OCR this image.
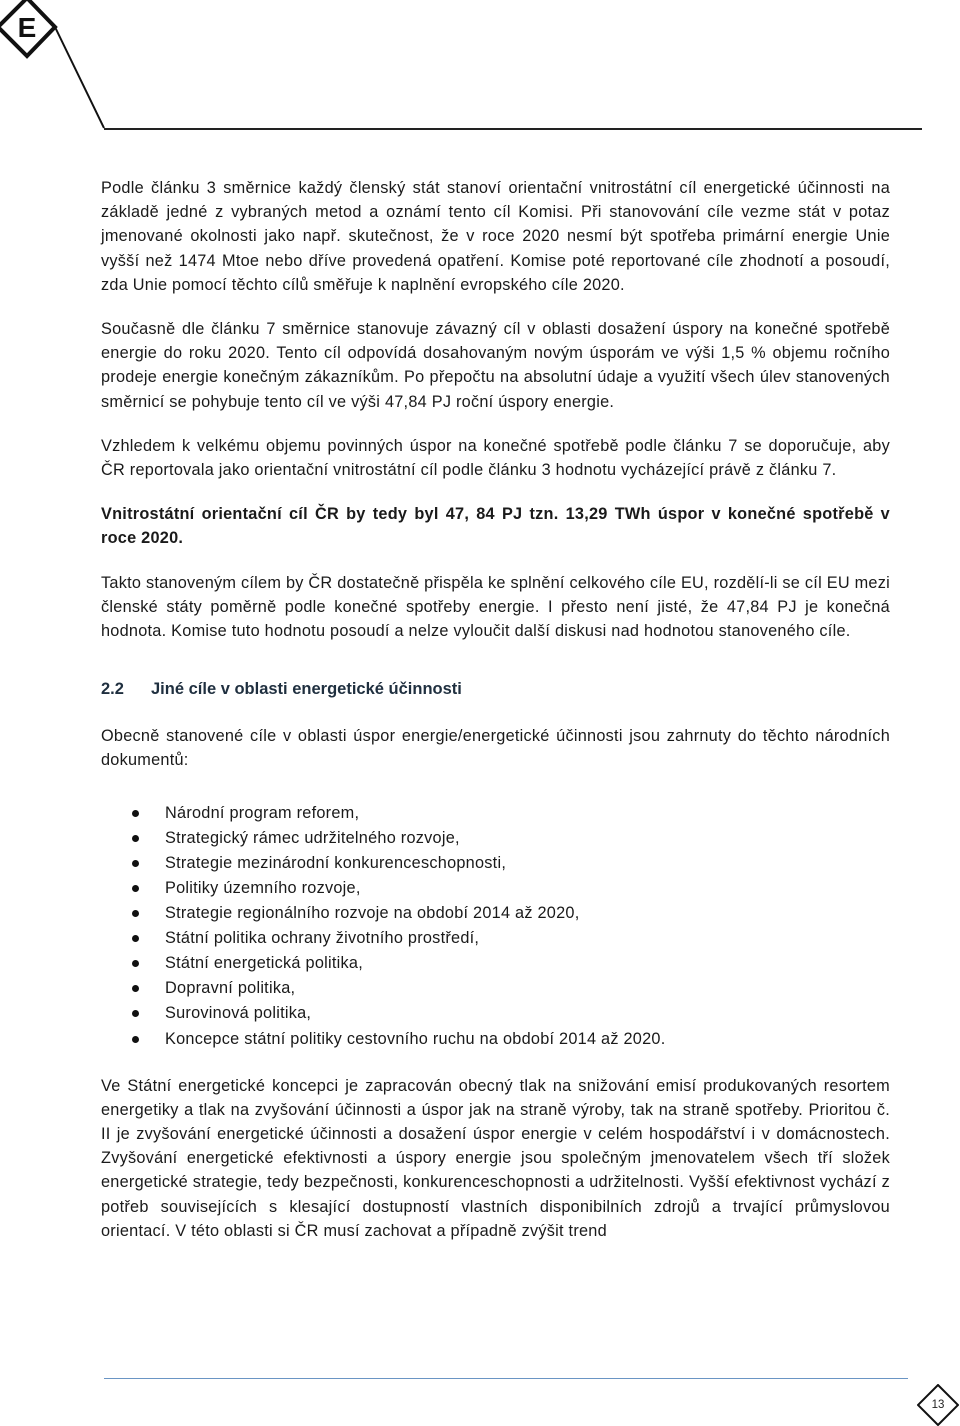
E

Podle článku 3 směrnice každý členský stát stanoví orientační vnitrostátní cíl energetické účinnosti na základě jedné z vybraných metod a oznámí tento cíl Komisi. Při stanovování cíle vezme stát v potaz jmenované okolnosti jako např. skutečnost, že v roce 2020 nesmí být spotřeba primární energie Unie vyšší než 1474 Mtoe nebo dříve provedená opatření. Komise poté reportované cíle zhodnotí a posoudí, zda Unie pomocí těchto cílů směřuje k naplnění evropského cíle 2020.

Současně dle článku 7 směrnice stanovuje závazný cíl v oblasti dosažení úspory na konečné spotřebě energie do roku 2020. Tento cíl odpovídá dosahovaným novým úsporám ve výši 1,5 % objemu ročního prodeje energie konečným zákazníkům. Po přepočtu na absolutní údaje a využití všech úlev stanovených směrnicí se pohybuje tento cíl ve výši 47,84 PJ roční úspory energie.

Vzhledem k velkému objemu povinných úspor na konečné spotřebě podle článku 7 se doporučuje, aby ČR reportovala jako orientační vnitrostátní cíl podle článku 3 hodnotu vycházející právě z článku 7.

Vnitrostátní orientační cíl ČR by tedy byl 47, 84 PJ tzn. 13,29 TWh úspor v konečné spotřebě v roce 2020.

Takto stanoveným cílem by ČR dostatečně přispěla ke splnění celkového cíle EU, rozdělí-li se cíl EU mezi členské státy poměrně podle konečné spotřeby energie. I přesto není jisté, že 47,84 PJ je konečná hodnota. Komise tuto hodnotu posoudí a nelze vyloučit další diskusi nad hodnotou stanoveného cíle.

2.2 Jiné cíle v oblasti energetické účinnosti

Obecně stanovené cíle v oblasti úspor energie/energetické účinnosti jsou zahrnuty do těchto národních dokumentů:

Národní program reforem,
Strategický rámec udržitelného rozvoje,
Strategie mezinárodní konkurenceschopnosti,
Politiky územního rozvoje,
Strategie regionálního rozvoje na období 2014 až 2020,
Státní politika ochrany životního prostředí,
Státní energetická politika,
Dopravní politika,
Surovinová politika,
Koncepce státní politiky cestovního ruchu na období 2014 až 2020.

Ve Státní energetické koncepci je zapracován obecný tlak na snižování emisí produkovaných resortem energetiky a tlak na zvyšování účinnosti a úspor jak na straně výroby, tak na straně spotřeby. Prioritou č. II je zvyšování energetické účinnosti a dosažení úspor energie v celém hospodářství i v domácnostech. Zvyšování energetické efektivnosti a úspory energie jsou společným jmenovatelem všech tří složek energetické strategie, tedy bezpečnosti, konkurenceschopnosti a udržitelnosti. Vyšší efektivnost vychází z potřeb souvisejících s klesající dostupností vlastních disponibilních zdrojů a trvající průmyslovou orientací. V této oblasti si ČR musí zachovat a případně zvýšit trend

13
